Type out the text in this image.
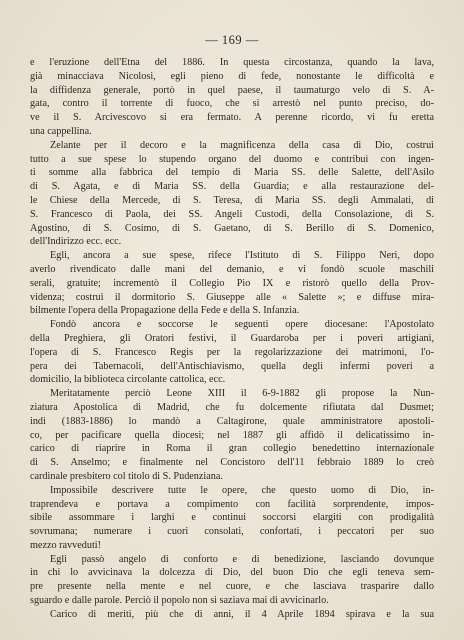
— 169 —
e l'eruzione dell'Etna del 1886. In questa circostanza, quando la lava,
già minacciava Nicolosi, egli pieno di fede, nonostante le difficoltà e
la diffidenza generale, portò in quel paese, il taumaturgo velo di S. A-
gata, contro il torrente di fuoco, che si arrestò nel punto preciso, do-
ve il S. Arcivescovo si era fermato. A perenne ricordo, vi fu eretta
una cappellina.
Zelante per il decoro e la magnificenza della casa di Dio, costruì
tutto a sue spese lo stupendo organo del duomo e contribuì con ingen-
ti somme alla fabbrica del tempio di Maria SS. delle Salette, dell'Asilo
di S. Agata, e di Maria SS. della Guardia; e alla restaurazione del-
le Chiese della Mercede, di S. Teresa, di Maria SS. degli Ammalati, di
S. Francesco di Paola, dei SS. Angeli Custodi, della Consolazione, di S.
Agostino, di S. Cosimo, di S. Gaetano, di S. Berillo di S. Domenico,
dell'Indirizzo ecc. ecc.
Egli, ancora a sue spese, rifece l'Istituto di S. Filippo Neri, dopo
averlo rivendicato dalle mani del demanio, e vi fondò scuole maschili
serali, gratuite; incrementò il Collegio Pio IX e ristorò quello della Prov-
videnza; costruì il dormitorio S. Giuseppe alle « Salette »; e diffuse mira-
bilmente l'opera della Propagazione della Fede e della S. Infanzia.
Fondò ancora e soccorse le seguenti opere diocesane: l'Apostolato
della Preghiera, gli Oratori festivi, il Guardaroba per i poveri artigiani,
l'opera di S. Francesco Regis per la regolarizzazione dei matrimoni, l'o-
pera dei Tabernacoli, dell'Antischiavismo, quella degli infermi poveri a
domicilio, la biblioteca circolante cattolica, ecc.
Meritatamente perciò Leone XIII il 6-9-1882 gli propose la Nun-
ziatura Apostolica di Madrid, che fu dolcemente rifiutata dal Dusmet;
indi (1883-1886) lo mandò a Caltagirone, quale amministratore apostoli-
co, per pacificare quella diocesi; nel 1887 gli affidò il delicatissimo in-
carico di riaprire in Roma il gran collegio benedettino internazionale
di S. Anselmo; e finalmente nel Concistoro dell'11 febbraio 1889 lo creò
cardinale presbitero col titolo di S. Pudenziana.
Impossibile descrivere tutte le opere, che questo uomo di Dio, in-
traprendeva e portava a compimento con facilità sorprendente, impos-
sibile assommare i larghi e continui soccorsi elargiti con prodigalità
sovrumana; numerare i cuori consolati, confortati, i peccatori per suo
mezzo ravveduti!
Egli passò angelo di conforto e di benedizione, lasciando dovunque
in chi lo avvicinava la dolcezza di Dio, del buon Dio che egli teneva sem-
pre presente nella mente e nel cuore, e che lasciava trasparire dallo
sguardo e dalle parole. Perciò il popolo non si saziava mai di avvicinarlo.
Carico di meriti, più che di anni, il 4 Aprile 1894 spirava e la sua
